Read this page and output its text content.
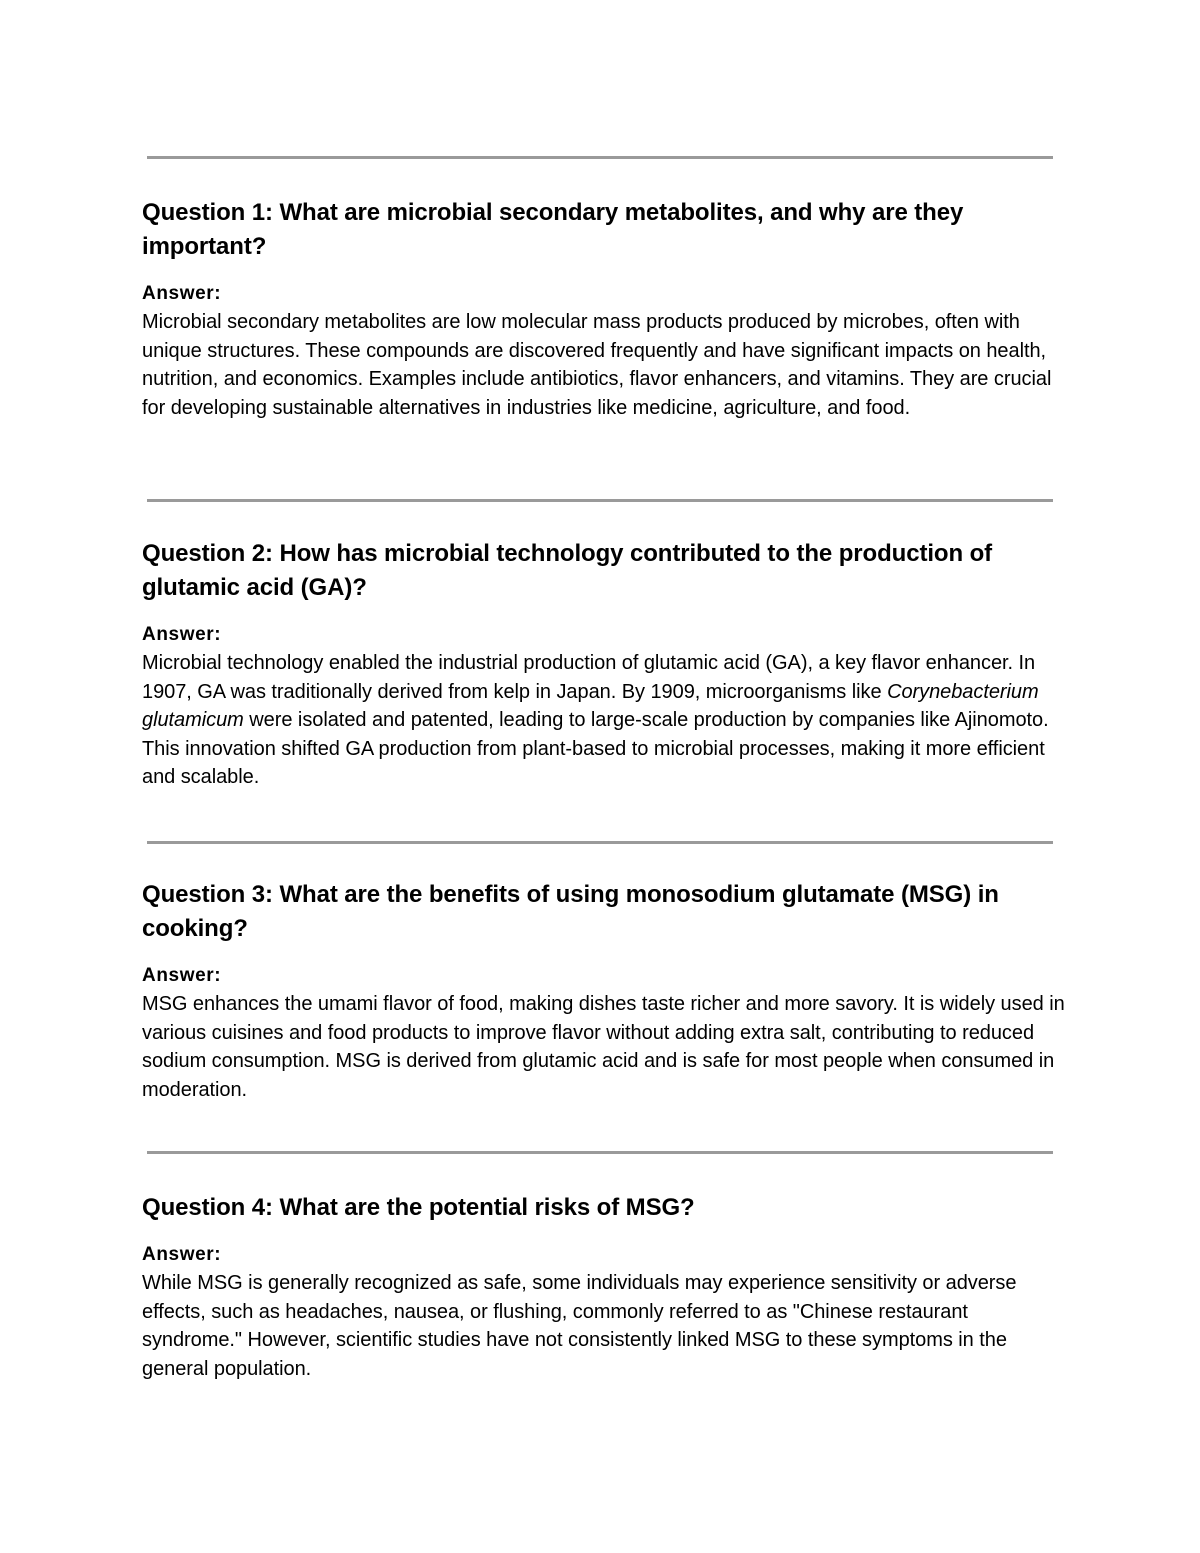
Question 1: What are microbial secondary metabolites, and why are they important?

Answer:

Microbial secondary metabolites are low molecular mass products produced by microbes, often with unique structures. These compounds are discovered frequently and have significant impacts on health, nutrition, and economics. Examples include antibiotics, flavor enhancers, and vitamins. They are crucial for developing sustainable alternatives in industries like medicine, agriculture, and food.

Question 2: How has microbial technology contributed to the production of glutamic acid (GA)?

Answer:

Microbial technology enabled the industrial production of glutamic acid (GA), a key flavor enhancer. In 1907, GA was traditionally derived from kelp in Japan. By 1909, microorganisms like Corynebacterium glutamicum were isolated and patented, leading to large-scale production by companies like Ajinomoto. This innovation shifted GA production from plant-based to microbial processes, making it more efficient and scalable.

Question 3: What are the benefits of using monosodium glutamate (MSG) in cooking?

Answer:

MSG enhances the umami flavor of food, making dishes taste richer and more savory. It is widely used in various cuisines and food products to improve flavor without adding extra salt, contributing to reduced sodium consumption. MSG is derived from glutamic acid and is safe for most people when consumed in moderation.

Question 4: What are the potential risks of MSG?

Answer:

While MSG is generally recognized as safe, some individuals may experience sensitivity or adverse effects, such as headaches, nausea, or flushing, commonly referred to as "Chinese restaurant syndrome." However, scientific studies have not consistently linked MSG to these symptoms in the general population.
